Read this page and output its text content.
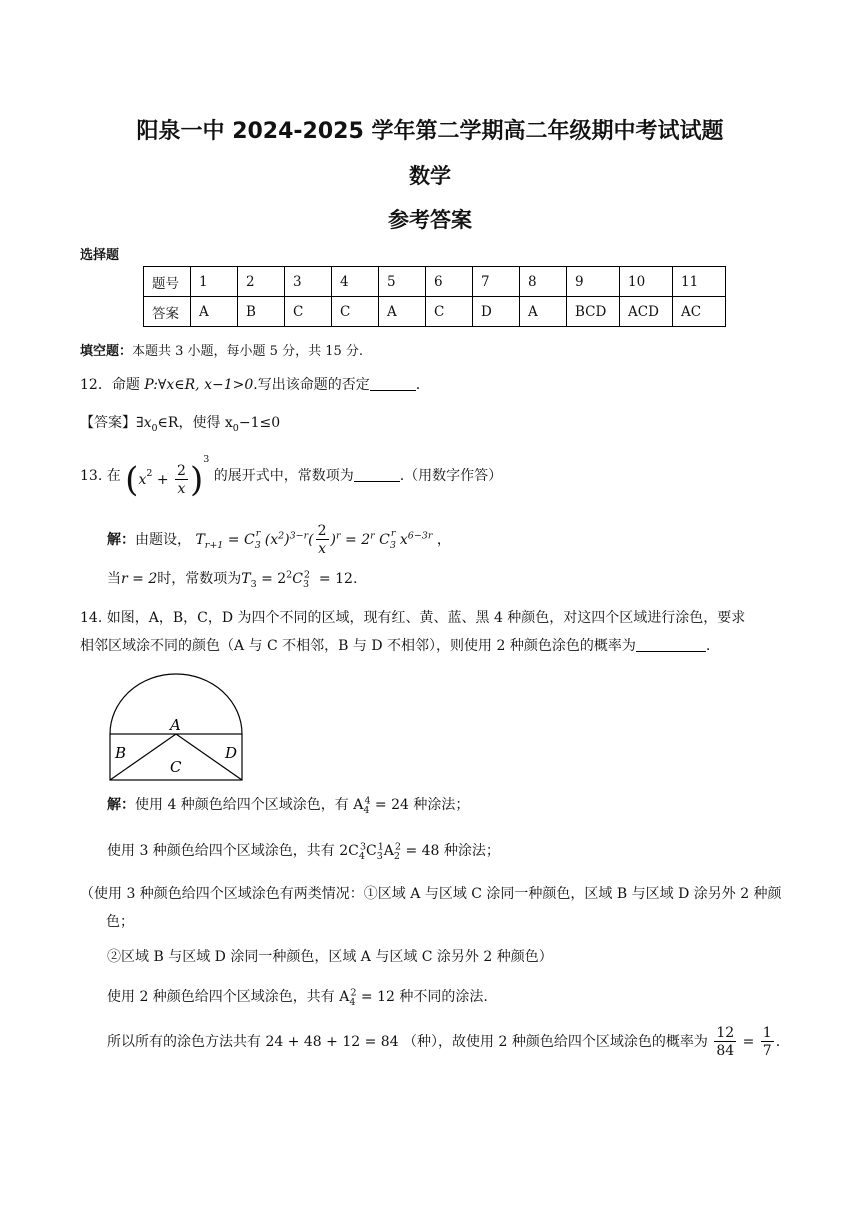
阳泉一中 2024-2025 学年第二学期高二年级期中考试试题
数学
参考答案
选择题
题号	1	2	3	4	5	6	7	8	9	10	11
答案	A	B	C	C	A	C	D	A	BCD	ACD	AC
填空题：本题共 3 小题，每小题 5 分，共 15 分.
12．命题 P:∀x∈R, x−1>0.写出该命题的否定	.
【答案】$\exists x_0\in R$，使得 $x_0-1\le 0$
13. 在 $(x^2 + \frac{2}{x} )^3$ 的展开式中，常数项为	.（用数字作答）
解：由题设， $T_{r+1} = C_3^r$ $(x^2)^{3-r}( \frac{2}{x} )^r = 2^r$ $C_3^r$ $x^{6-3r}$ ，
当r = 2时，常数项为$T_3 = 2^2C_3^2 = 12$.
14. 如图，A，B，C，D 为四个不同的区域，现有红、黄、蓝、黑 4 种颜色，对这四个区域进行涂色，要求
相邻区域涂不同的颜色（A 与 C 不相邻，B 与 D 不相邻），则使用 2 种颜色涂色的概率为	.
A
B
C
D
解：使用 4 种颜色给四个区域涂色，有 $A_4^4 = 24$ 种涂法；
使用 3 种颜色给四个区域涂色，共有 $2C_4^3C_3^1A_2^2 = 48$ 种涂法；
（使用 3 种颜色给四个区域涂色有两类情况：①区域 A 与区域 C 涂同一种颜色，区域 B 与区域 D 涂另外 2 种颜色；
②区域 B 与区域 D 涂同一种颜色，区域 A 与区域 C 涂另外 2 种颜色）
使用 2 种颜色给四个区域涂色，共有 $A_4^2 = 12$ 种不同的涂法.
所以所有的涂色方法共有 24 + 48 + 12 = 84 （种），故使用 2 种颜色给四个区域涂色的概率为 $\frac{12}{84} = \frac{1}{7}$ .
